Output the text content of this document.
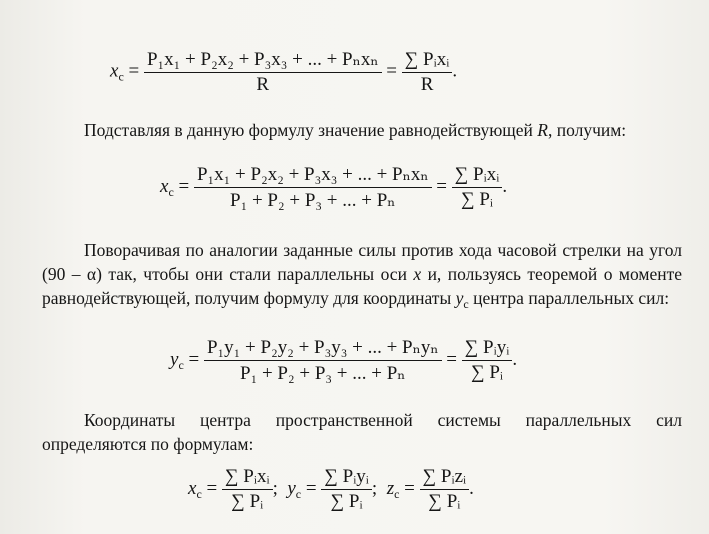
$x_c = \frac{\text{P₁x₁ + P₂x₂ + P₃x₃ + ... + Pₙxₙ}}{R} = \frac{\text{∑ Pᵢxᵢ}}{R}$ .
Подставляя в данную формулу значение равнодействующей R, получим:
$x_c = \frac{\text{P₁x₁ + P₂x₂ + P₃x₃ + ... + Pₙxₙ}}{\text{P₁ + P₂ + P₃ + ... + Pₙ}} = \frac{\text{∑ Pᵢxᵢ}}{\text{∑ Pᵢ}}$ .
Поворачивая по аналогии заданные силы против хода часовой стрелки на угол (90 – α) так, чтобы они стали параллельны оси x и, пользуясь теоремой о моменте равнодействующей, получим формулу для координаты $y_c$ центра параллельных сил:
$y_c = \frac{\text{P₁y₁ + P₂y₂ + P₃y₃ + ... + Pₙyₙ}}{\text{P₁ + P₂ + P₃ + ... + Pₙ}} = \frac{\text{∑ Pᵢyᵢ}}{\text{∑ Pᵢ}}$ .
Координаты центра пространственной системы параллельных сил определяются по формулам:
$x_c = \frac{\text{∑ Pᵢxᵢ}}{\text{∑ Pᵢ}}$ ; $y_c = \frac{\text{∑ Pᵢyᵢ}}{\text{∑ Pᵢ}}$ ; $z_c = \frac{\text{∑ Pᵢzᵢ}}{\text{∑ Pᵢ}}$ .
